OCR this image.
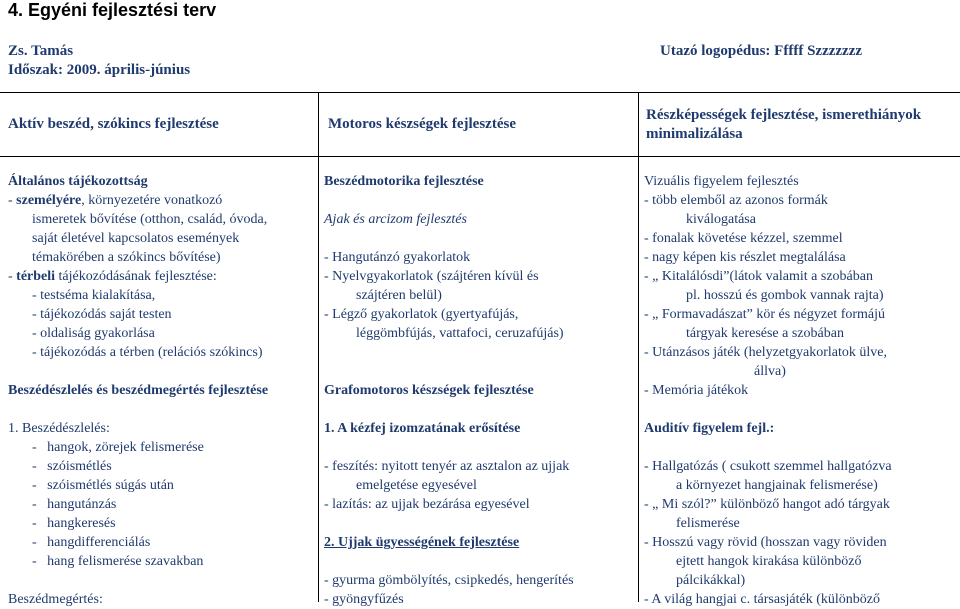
4. Egyéni fejlesztési terv
Zs. Tamás
Időszak: 2009. április-június
Utazó logopédus: Fffff Szzzzzzz
Aktív beszéd, szókincs fejlesztése	Motoros készségek fejlesztése
Részképességek fejlesztése, ismerethiányok
minimalizálása
Általános tájékozottság
- személyére, környezetére vonatkozó
ismeretek bővítése (otthon, család, óvoda,
saját életével kapcsolatos események
témakörében a szókincs bővítése)
- térbeli tájékozódásának fejlesztése:
- testséma kialakítása,
- tájékozódás saját testen
- oldaliság gyakorlása
- tájékozódás a térben (relációs szókincs)
Beszédészlelés és beszédmegértés fejlesztése
1. Beszédészlelés:
-   hangok, zörejek felismerése
-   szóismétlés
-   szóismétlés súgás után
-   hangutánzás
-   hangkeresés
-   hangdifferenciálás
-   hang felismerése szavakban
Beszédmegértés:
Beszédmotorika fejlesztése
Ajak és arcizom fejlesztés
- Hangutánzó gyakorlatok
- Nyelvgyakorlatok (szájtéren kívül és
szájtéren belül)
- Légző gyakorlatok (gyertyafújás,
léggömbfújás, vattafoci, ceruzafújás)
Grafomotoros készségek fejlesztése
1. A kézfej izomzatának erősítése
- feszítés: nyitott tenyér az asztalon az ujjak
emelgetése egyesével
- lazítás: az ujjak bezárása egyesével
2. Ujjak ügyességének fejlesztése
- gyurma gömbölyítés, csipkedés, hengerítés
- gyöngyfűzés
Vizuális figyelem fejlesztés
- több elemből az azonos formák
kiválogatása
- fonalak követése kézzel, szemmel
- nagy képen kis részlet megtalálása
- „ Kitalálósdi”(látok valamit a szobában
pl. hosszú és gombok vannak rajta)
- „ Formavadászat” kör és négyzet formájú
tárgyak keresése a szobában
- Utánzásos játék (helyzetgyakorlatok ülve,
állva)
- Memória játékok
Auditív figyelem fejl.:
- Hallgatózás ( csukott szemmel hallgatózva
a környezet hangjainak felismerése)
- „ Mi szól?” különböző hangot adó tárgyak
felismerése
- Hosszú vagy rövid (hosszan vagy röviden
ejtett hangok kirakása különböző
pálcikákkal)
- A világ hangjai c. társasjáték (különböző
